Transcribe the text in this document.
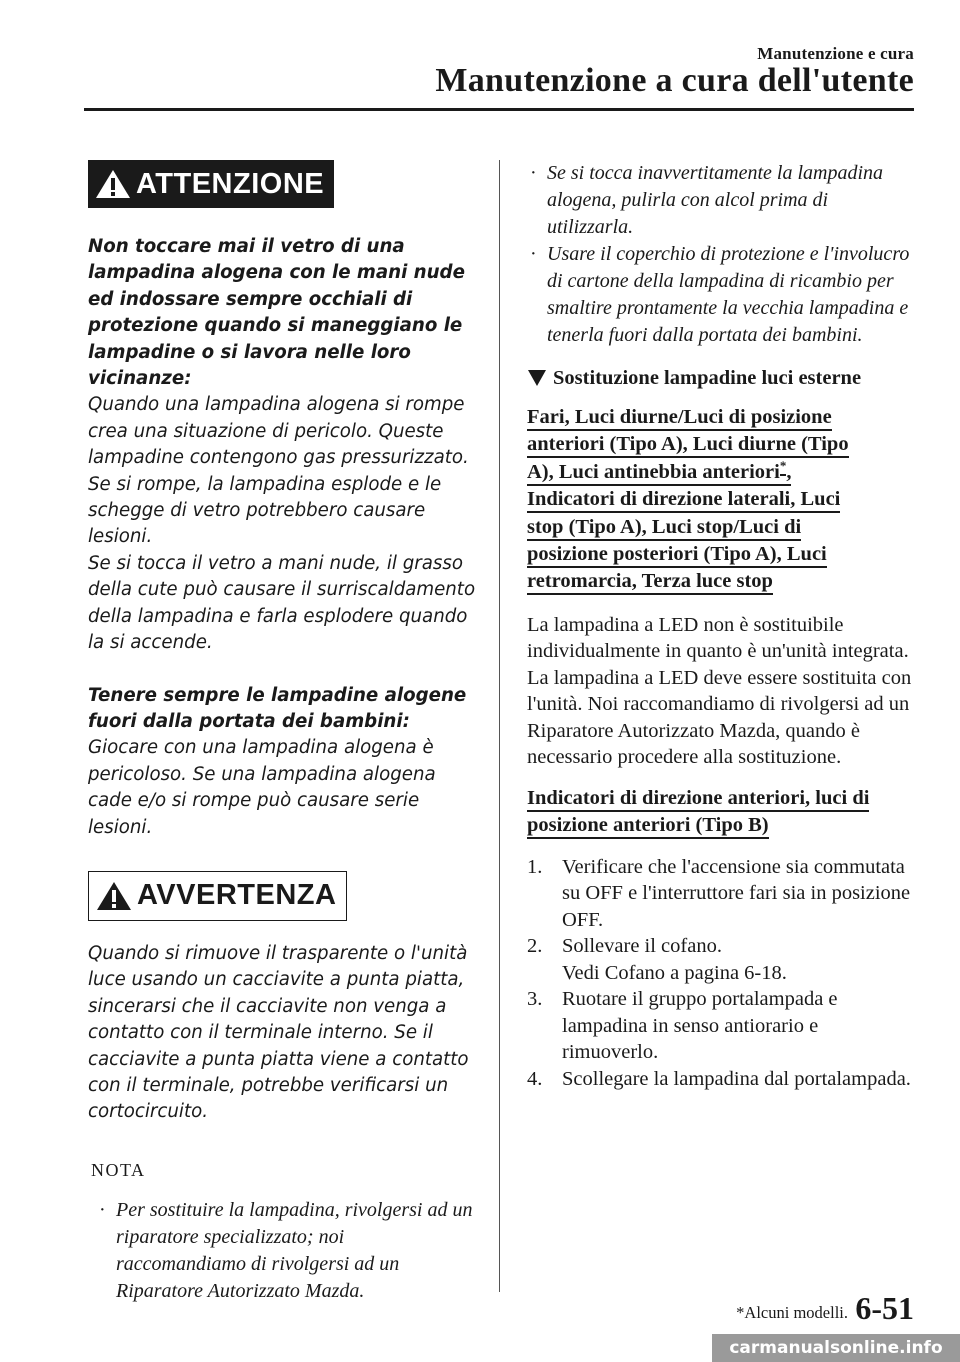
Manutenzione e cura
Manutenzione a cura dell'utente
ATTENZIONE

Non toccare mai il vetro di una lampadina alogena con le mani nude ed indossare sempre occhiali di protezione quando si maneggiano le lampadine o si lavora nelle loro vicinanze:

Quando una lampadina alogena si rompe crea una situazione di pericolo. Queste lampadine contengono gas pressurizzato. Se si rompe, la lampadina esplode e le schegge di vetro potrebbero causare lesioni.

Se si tocca il vetro a mani nude, il grasso della cute può causare il surriscaldamento della lampadina e farla esplodere quando la si accende.

Tenere sempre le lampadine alogene fuori dalla portata dei bambini:

Giocare con una lampadina alogena è pericoloso. Se una lampadina alogena cade e/o si rompe può causare serie lesioni.

AVVERTENZA

Quando si rimuove il trasparente o l'unità luce usando un cacciavite a punta piatta, sincerarsi che il cacciavite non venga a contatto con il terminale interno. Se il cacciavite a punta piatta viene a contatto con il terminale, potrebbe verificarsi un cortocircuito.

NOTA

· Per sostituire la lampadina, rivolgersi ad un riparatore specializzato; noi raccomandiamo di rivolgersi ad un Riparatore Autorizzato Mazda.

· Se si tocca inavvertitamente la lampadina alogena, pulirla con alcol prima di utilizzarla.

· Usare il coperchio di protezione e l'involucro di cartone della lampadina di ricambio per smaltire prontamente la vecchia lampadina e tenerla fuori dalla portata dei bambini.

Sostituzione lampadine luci esterne

Fari, Luci diurne/Luci di posizione

anteriori (Tipo A), Luci diurne (Tipo

A), Luci antinebbia anteriori*,

Indicatori di direzione laterali, Luci

stop (Tipo A), Luci stop/Luci di

posizione posteriori (Tipo A), Luci

retromarcia, Terza luce stop

La lampadina a LED non è sostituibile individualmente in quanto è un'unità integrata.

La lampadina a LED deve essere sostituita con l'unità. Noi raccomandiamo di rivolgersi ad un Riparatore Autorizzato Mazda, quando è necessario procedere alla sostituzione.

Indicatori di direzione anteriori, luci di

posizione anteriori (Tipo B)

1. Verificare che l'accensione sia commutata su OFF e l'interruttore fari sia in posizione OFF.
2. Sollevare il cofano.
Vedi Cofano a pagina 6-18.
3. Ruotare il gruppo portalampada e lampadina in senso antiorario e rimuoverlo.
4. Scollegare la lampadina dal portalampada.
*Alcuni modelli. 6-51
carmanualsonline.info
